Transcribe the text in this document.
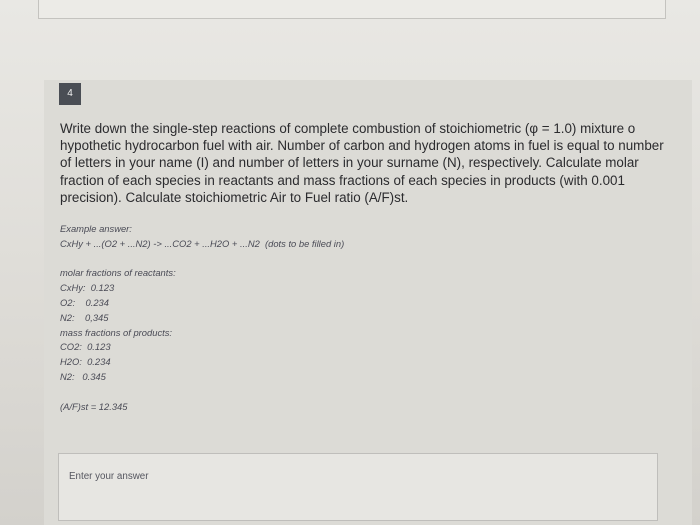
4

Write down the single-step reactions of complete combustion of stoichiometric (φ = 1.0) mixture o hypothetic hydrocarbon fuel with air. Number of carbon and hydrogen atoms in fuel is equal to number of letters in your name (I) and number of letters in your surname (N), respectively. Calculate molar fraction of each species in reactants and mass fractions of each species in products (with 0.001 precision). Calculate stoichiometric Air to Fuel ratio (A/F)st.

Example answer:
CxHy + ...(O2 + ...N2) -> ...CO2 + ...H2O + ...N2  (dots to be filled in)
molar fractions of reactants:
CxHy:  0.123
O2:    0.234
N2:    0,345
mass fractions of products:
CO2:  0.123
H2O:  0.234
N2:   0.345
(A/F)st = 12.345
Enter your answer
